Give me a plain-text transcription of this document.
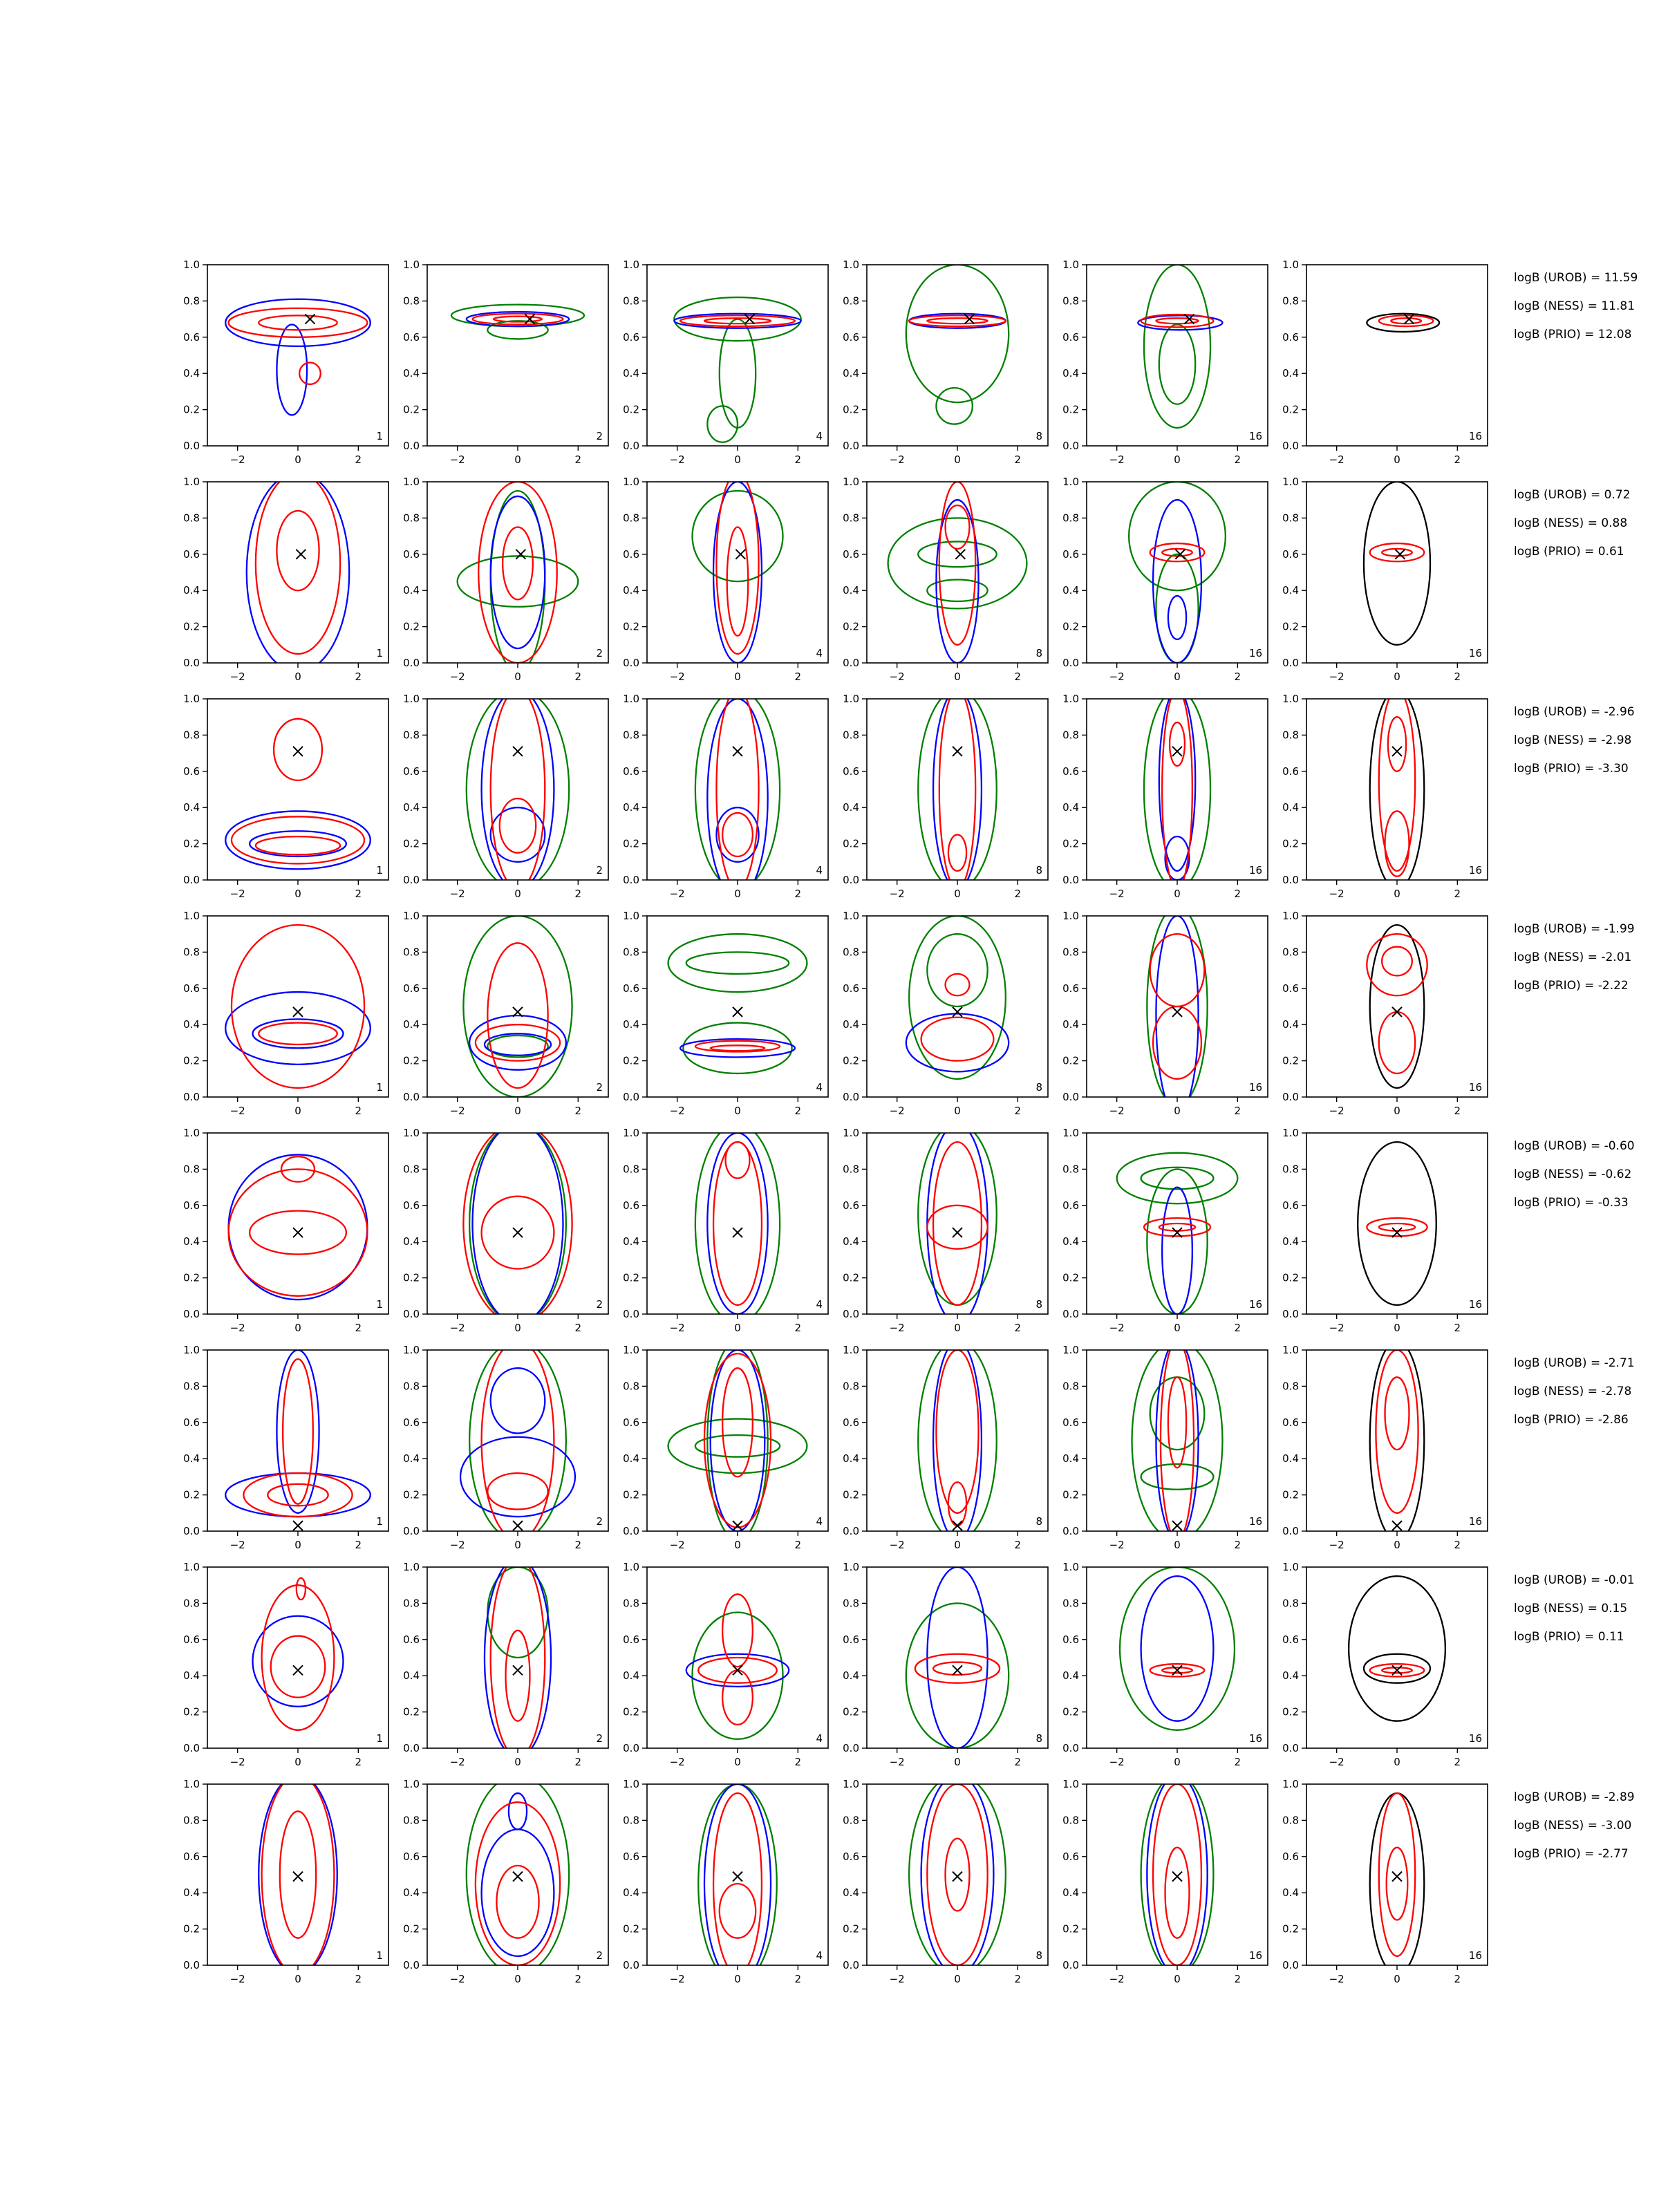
0.0
0.2
0.4
0.6
0.8
1.0
−2	0	2
1
0.0
0.2
0.4
0.6
0.8
1.0
−2	0	2
2
0.0
0.2
0.4
0.6
0.8
1.0
−2	0	2
4
0.0
0.2
0.4
0.6
0.8
1.0
−2	0	2
8
0.0
0.2
0.4
0.6
0.8
1.0
−2	0	2
16
0.0
0.2
0.4
0.6
0.8
1.0
−2	0	2
16
0.0
0.2
0.4
0.6
0.8
1.0
−2	0	2
1
0.0
0.2
0.4
0.6
0.8
1.0
−2	0	2
2
0.0
0.2
0.4
0.6
0.8
1.0
−2	0	2
4
0.0
0.2
0.4
0.6
0.8
1.0
−2	0	2
8
0.0
0.2
0.4
0.6
0.8
1.0
−2	0	2
16
0.0
0.2
0.4
0.6
0.8
1.0
−2	0	2
16
0.0
0.2
0.4
0.6
0.8
1.0
−2	0	2
1
0.0
0.2
0.4
0.6
0.8
1.0
−2	0	2
2
0.0
0.2
0.4
0.6
0.8
1.0
−2	0	2
4
0.0
0.2
0.4
0.6
0.8
1.0
−2	0	2
8
0.0
0.2
0.4
0.6
0.8
1.0
−2	0	2
16
0.0
0.2
0.4
0.6
0.8
1.0
−2	0	2
16
0.0
0.2
0.4
0.6
0.8
1.0
−2	0	2
1
0.0
0.2
0.4
0.6
0.8
1.0
−2	0	2
2
0.0
0.2
0.4
0.6
0.8
1.0
−2	0	2
4
0.0
0.2
0.4
0.6
0.8
1.0
−2	0	2
8
0.0
0.2
0.4
0.6
0.8
1.0
−2	0	2
16
0.0
0.2
0.4
0.6
0.8
1.0
−2	0	2
16
0.0
0.2
0.4
0.6
0.8
1.0
−2	0	2
1
0.0
0.2
0.4
0.6
0.8
1.0
−2	0	2
2
0.0
0.2
0.4
0.6
0.8
1.0
−2	0	2
4
0.0
0.2
0.4
0.6
0.8
1.0
−2	0	2
8
0.0
0.2
0.4
0.6
0.8
1.0
−2	0	2
16
0.0
0.2
0.4
0.6
0.8
1.0
−2	0	2
16
0.0
0.2
0.4
0.6
0.8
1.0
−2	0	2
1
0.0
0.2
0.4
0.6
0.8
1.0
−2	0	2
2
0.0
0.2
0.4
0.6
0.8
1.0
−2	0	2
4
0.0
0.2
0.4
0.6
0.8
1.0
−2	0	2
8
0.0
0.2
0.4
0.6
0.8
1.0
−2	0	2
16
0.0
0.2
0.4
0.6
0.8
1.0
−2	0	2
16
0.0
0.2
0.4
0.6
0.8
1.0
−2	0	2
1
0.0
0.2
0.4
0.6
0.8
1.0
−2	0	2
2
0.0
0.2
0.4
0.6
0.8
1.0
−2	0	2
4
0.0
0.2
0.4
0.6
0.8
1.0
−2	0	2
8
0.0
0.2
0.4
0.6
0.8
1.0
−2	0	2
16
0.0
0.2
0.4
0.6
0.8
1.0
−2	0	2
16
0.0
0.2
0.4
0.6
0.8
1.0
−2	0	2
1
0.0
0.2
0.4
0.6
0.8
1.0
−2	0	2
2
0.0
0.2
0.4
0.6
0.8
1.0
−2	0	2
4
0.0
0.2
0.4
0.6
0.8
1.0
−2	0	2
8
0.0
0.2
0.4
0.6
0.8
1.0
−2	0	2
16
0.0
0.2
0.4
0.6
0.8
1.0
−2	0	2
16
logB (UROB) = 11.59
logB (NESS) = 11.81
logB (PRIO) = 12.08
logB (UROB) = 0.72
logB (NESS) = 0.88
logB (PRIO) = 0.61
logB (UROB) = -2.96
logB (NESS) = -2.98
logB (PRIO) = -3.30
logB (UROB) = -1.99
logB (NESS) = -2.01
logB (PRIO) = -2.22
logB (UROB) = -0.60
logB (NESS) = -0.62
logB (PRIO) = -0.33
logB (UROB) = -2.71
logB (NESS) = -2.78
logB (PRIO) = -2.86
logB (UROB) = -0.01
logB (NESS) = 0.15
logB (PRIO) = 0.11
logB (UROB) = -2.89
logB (NESS) = -3.00
logB (PRIO) = -2.77
